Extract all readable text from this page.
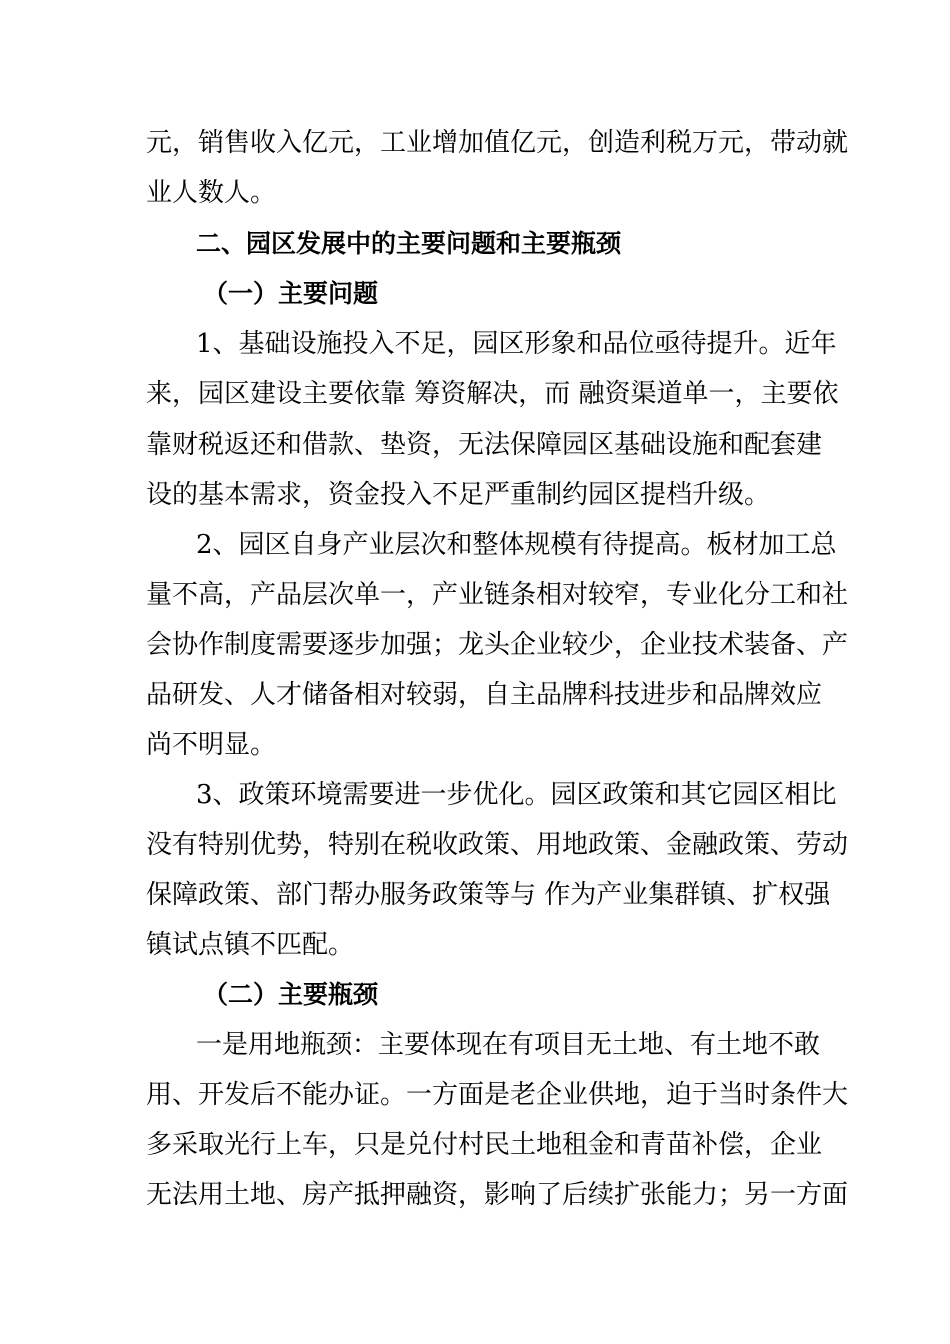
元，销售收入亿元，工业增加值亿元，创造利税万元，带动就
业人数人。
二、园区发展中的主要问题和主要瓶颈
（一）主要问题
1、基础设施投入不足，园区形象和品位亟待提升。近年
来，园区建设主要依靠 筹资解决，而 融资渠道单一，主要依
靠财税返还和借款、垫资，无法保障园区基础设施和配套建
设的基本需求，资金投入不足严重制约园区提档升级。
2、园区自身产业层次和整体规模有待提高。板材加工总
量不高，产品层次单一，产业链条相对较窄，专业化分工和社
会协作制度需要逐步加强；龙头企业较少，企业技术装备、产
品研发、人才储备相对较弱，自主品牌科技进步和品牌效应
尚不明显。
3、政策环境需要进一步优化。园区政策和其它园区相比
没有特别优势，特别在税收政策、用地政策、金融政策、劳动
保障政策、部门帮办服务政策等与 作为产业集群镇、扩权强
镇试点镇不匹配。
（二）主要瓶颈
一是用地瓶颈：主要体现在有项目无土地、有土地不敢
用、开发后不能办证。一方面是老企业供地，迫于当时条件大
多采取光行上车，只是兑付村民土地租金和青苗补偿，企业
无法用土地、房产抵押融资，影响了后续扩张能力；另一方面
